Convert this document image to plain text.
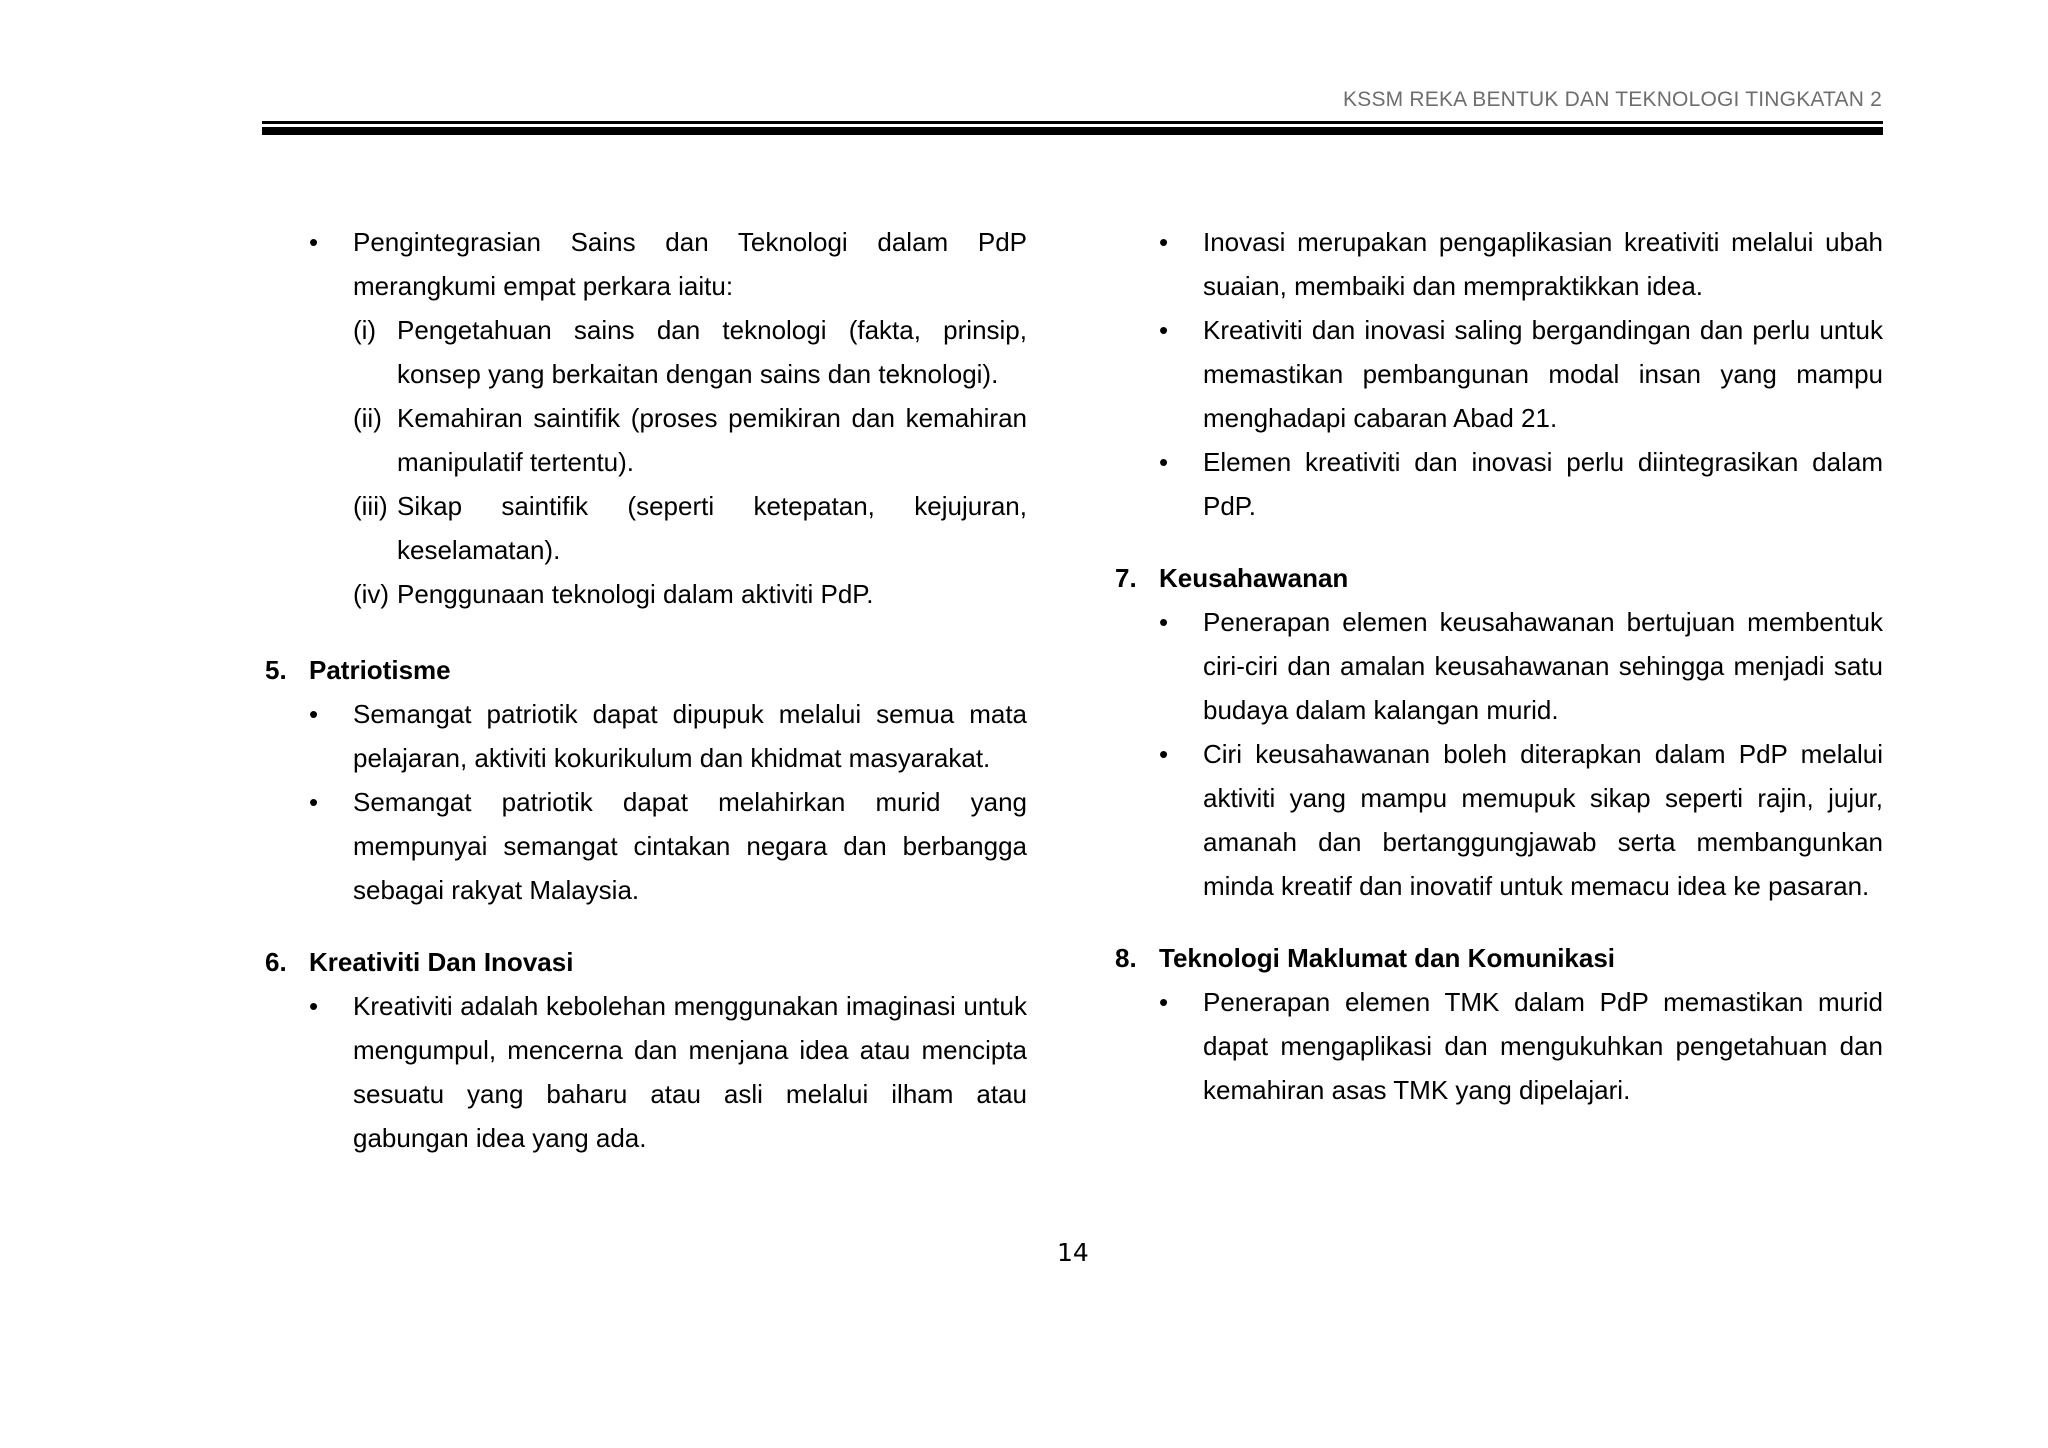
KSSM REKA BENTUK DAN TEKNOLOGI TINGKATAN 2
• Pengintegrasian Sains dan Teknologi dalam PdP merangkumi empat perkara iaitu:
(i) Pengetahuan sains dan teknologi (fakta, prinsip, konsep yang berkaitan dengan sains dan teknologi).
(ii) Kemahiran saintifik (proses pemikiran dan kemahiran manipulatif tertentu).
(iii) Sikap saintifik (seperti ketepatan, kejujuran, keselamatan).
(iv) Penggunaan teknologi dalam aktiviti PdP.
5. Patriotisme
• Semangat patriotik dapat dipupuk melalui semua mata pelajaran, aktiviti kokurikulum dan khidmat masyarakat.
• Semangat patriotik dapat melahirkan murid yang mempunyai semangat cintakan negara dan berbangga sebagai rakyat Malaysia.
6. Kreativiti Dan Inovasi
• Kreativiti adalah kebolehan menggunakan imaginasi untuk mengumpul, mencerna dan menjana idea atau mencipta sesuatu yang baharu atau asli melalui ilham atau gabungan idea yang ada.
• Inovasi merupakan pengaplikasian kreativiti melalui ubah suaian, membaiki dan mempraktikkan idea.
• Kreativiti dan inovasi saling bergandingan dan perlu untuk memastikan pembangunan modal insan yang mampu menghadapi cabaran Abad 21.
• Elemen kreativiti dan inovasi perlu diintegrasikan dalam PdP.
7. Keusahawanan
• Penerapan elemen keusahawanan bertujuan membentuk ciri-ciri dan amalan keusahawanan sehingga menjadi satu budaya dalam kalangan murid.
• Ciri keusahawanan boleh diterapkan dalam PdP melalui aktiviti yang mampu memupuk sikap seperti rajin, jujur, amanah dan bertanggungjawab serta membangunkan minda kreatif dan inovatif untuk memacu idea ke pasaran.
8. Teknologi Maklumat dan Komunikasi
• Penerapan elemen TMK dalam PdP memastikan murid dapat mengaplikasi dan mengukuhkan pengetahuan dan kemahiran asas TMK yang dipelajari.
14
